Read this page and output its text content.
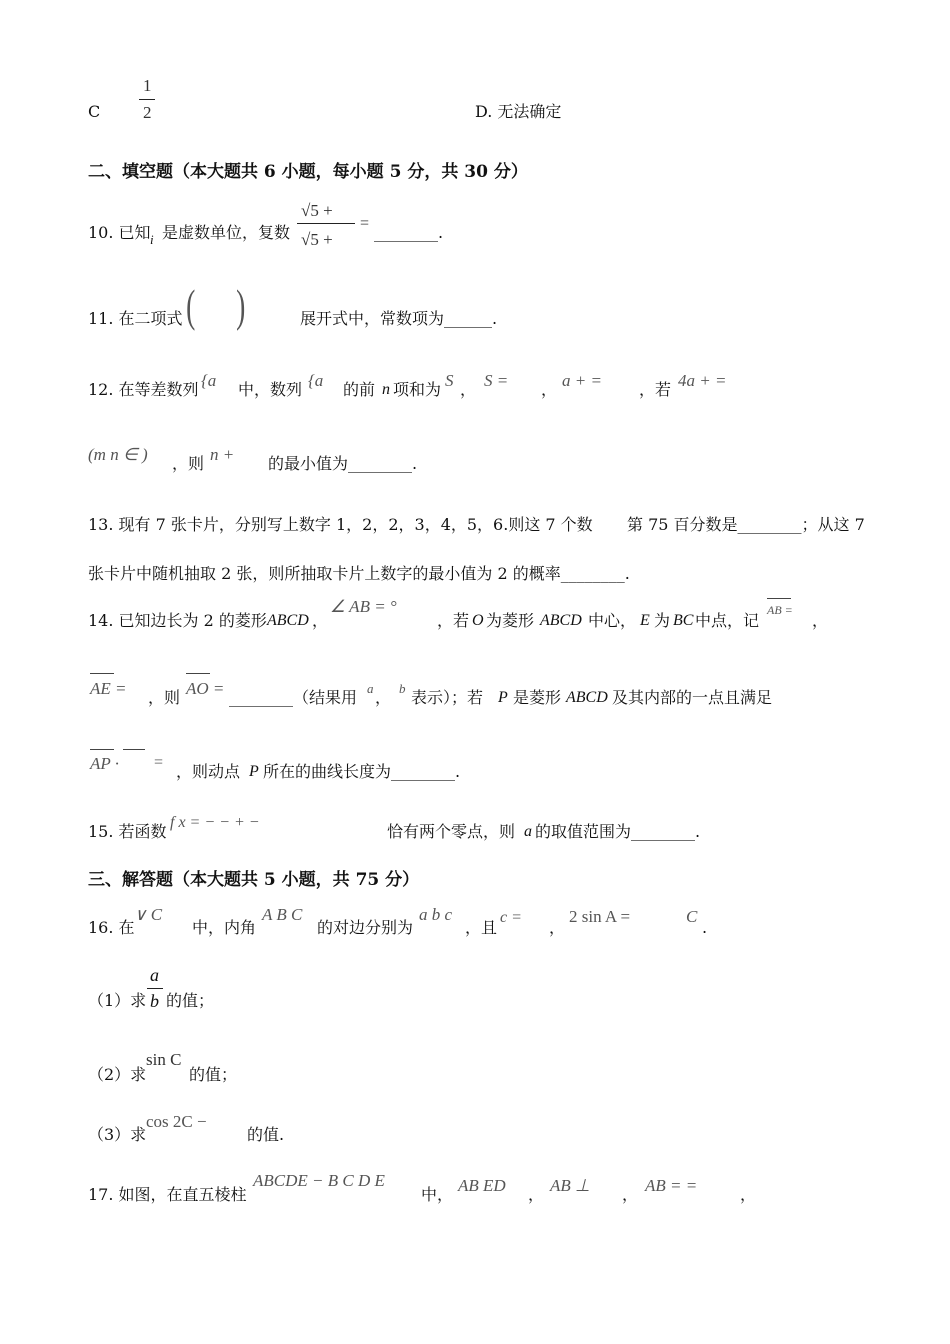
C
1
2	D. 无法确定
二、填空题（本大题共 6 小题，每小题 5 分，共 30 分）
10. 已知 i 是虚数单位，复数
√5 +
√5 +
= ________.
11. 在二项式 ( )	展开式中，常数项为______.
12. 在等差数列 {a 中，数列 {a 的前 n 项和为 S ， S = ， a + = ，若 4a + =
(m n ∈ ) ，则 n + 的最小值为________.
13. 现有 7 张卡片，分别写上数字 1，2，2，3，4，5，6.则这 7 个数 第 75 百分数是________；从这 7
张卡片中随机抽取 2 张，则所抽取卡片上数字的最小值为 2 的概率________.
14. 已知边长为 2 的菱形 ABCD ，
∠ AB = °
，若 O 为菱形 ABCD 中心， E 为 BC 中点，记
AB =
，
AE = ，则 AO = ________（结果用 a ， b 表示）；若 P 是菱形 ABCD 及其内部的一点且满足
AP · = ，则动点 P 所在的曲线长度为________.
15. 若函数 f x = − − + −	恰有两个零点，则 a 的取值范围为________.
三、解答题（本大题共 5 小题，共 75 分）
16. 在
∨ C
中，内角
A B C
的对边分别为
a b c
，且
c =
，
2 sin A =	C
.
（1）求
a
b 的值；
（2）求
sin C
的值；
（3）求
cos 2C −
的值.
17. 如图，在直五棱柱
ABCDE − B C D E
中， AB ED ， AB ⊥ ， AB = =	，
